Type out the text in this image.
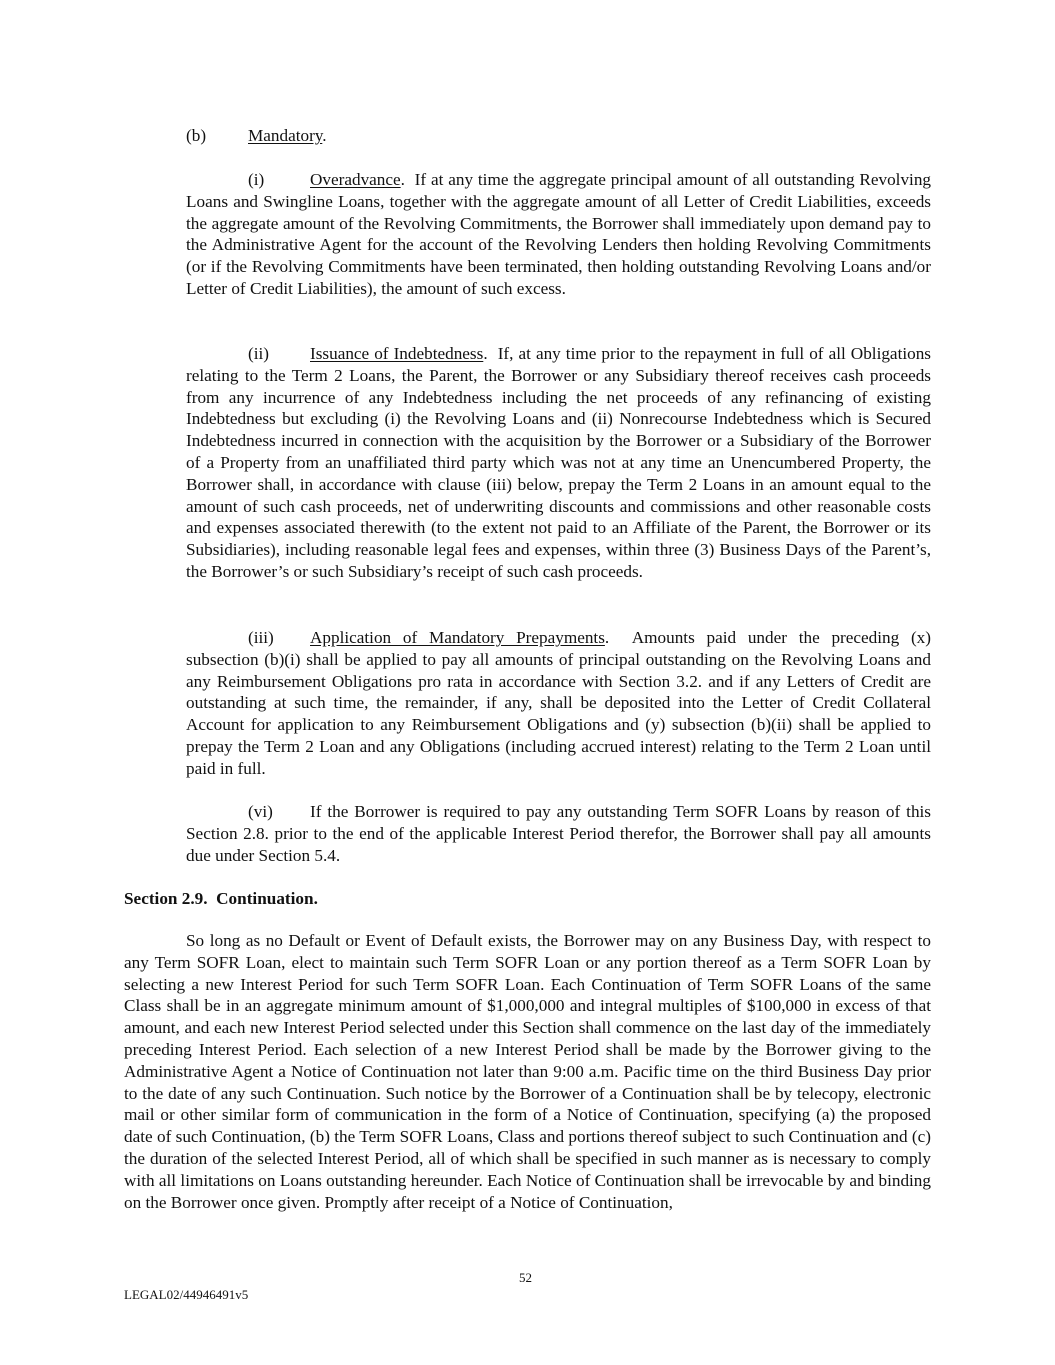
(b) Mandatory.

(i)	Overadvance. If at any time the aggregate principal amount of all outstanding Revolving Loans and Swingline Loans, together with the aggregate amount of all Letter of Credit Liabilities, exceeds the aggregate amount of the Revolving Commitments, the Borrower shall immediately upon demand pay to the Administrative Agent for the account of the Revolving Lenders then holding Revolving Commitments (or if the Revolving Commitments have been terminated, then holding outstanding Revolving Loans and/or Letter of Credit Liabilities), the amount of such excess.

(ii) Issuance of Indebtedness. If, at any time prior to the repayment in full of all Obligations relating to the Term 2 Loans, the Parent, the Borrower or any Subsidiary thereof receives cash proceeds from any incurrence of any Indebtedness including the net proceeds of any refinancing of existing Indebtedness but excluding (i) the Revolving Loans and (ii) Nonrecourse Indebtedness which is Secured Indebtedness incurred in connection with the acquisition by the Borrower or a Subsidiary of the Borrower of a Property from an unaffiliated third party which was not at any time an Unencumbered Property, the Borrower shall, in accordance with clause (iii) below, prepay the Term 2 Loans in an amount equal to the amount of such cash proceeds, net of underwriting discounts and commissions and other reasonable costs and expenses associated therewith (to the extent not paid to an Affiliate of the Parent, the Borrower or its Subsidiaries), including reasonable legal fees and expenses, within three (3) Business Days of the Parent’s, the Borrower’s or such Subsidiary’s receipt of such cash proceeds.

(iii) Application of Mandatory Prepayments. Amounts paid under the preceding (x) subsection (b)(i) shall be applied to pay all amounts of principal outstanding on the Revolving Loans and any Reimbursement Obligations pro rata in accordance with Section 3.2. and if any Letters of Credit are outstanding at such time, the remainder, if any, shall be deposited into the Letter of Credit Collateral Account for application to any Reimbursement Obligations and (y) subsection (b)(ii) shall be applied to prepay the Term 2 Loan and any Obligations (including accrued interest) relating to the Term 2 Loan until paid in full.

(vi) If the Borrower is required to pay any outstanding Term SOFR Loans by reason of this Section 2.8. prior to the end of the applicable Interest Period therefor, the Borrower shall pay all amounts due under Section 5.4.

Section 2.9.  Continuation.

So long as no Default or Event of Default exists, the Borrower may on any Business Day, with respect to any Term SOFR Loan, elect to maintain such Term SOFR Loan or any portion thereof as a Term SOFR Loan by selecting a new Interest Period for such Term SOFR Loan. Each Continuation of Term SOFR Loans of the same Class shall be in an aggregate minimum amount of $1,000,000 and integral multiples of $100,000 in excess of that amount, and each new Interest Period selected under this Section shall commence on the last day of the immediately preceding Interest Period. Each selection of a new Interest Period shall be made by the Borrower giving to the Administrative Agent a Notice of Continuation not later than 9:00 a.m. Pacific time on the third Business Day prior to the date of any such Continuation. Such notice by the Borrower of a Continuation shall be by telecopy, electronic mail or other similar form of communication in the form of a Notice of Continuation, specifying (a) the proposed date of such Continuation, (b) the Term SOFR Loans, Class and portions thereof subject to such Continuation and (c) the duration of the selected Interest Period, all of which shall be specified in such manner as is necessary to comply with all limitations on Loans outstanding hereunder. Each Notice of Continuation shall be irrevocable by and binding on the Borrower once given. Promptly after receipt of a Notice of Continuation,

52
LEGAL02/44946491v5
